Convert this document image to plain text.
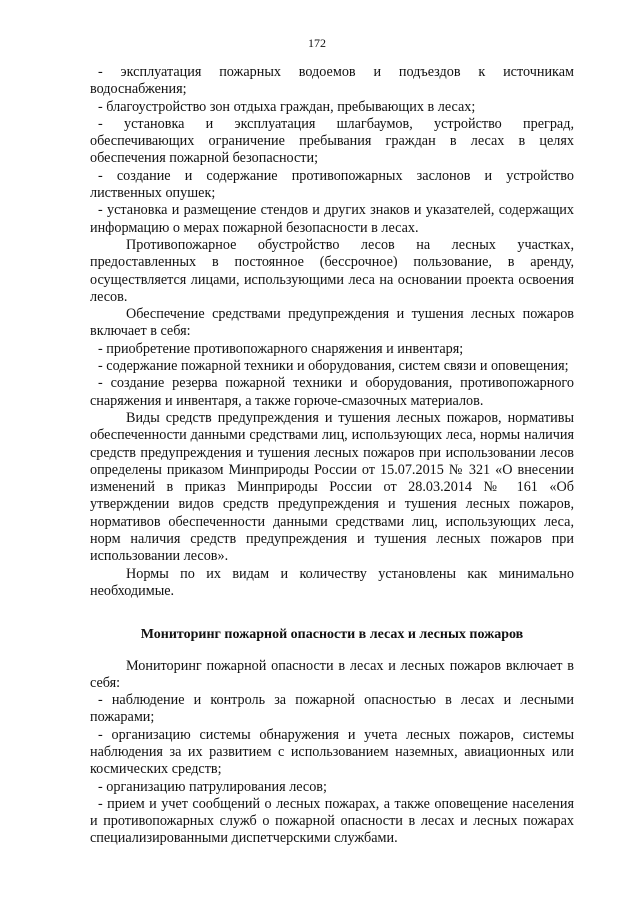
172

- эксплуатация пожарных водоемов и подъездов к источникам водоснабжения;

- благоустройство зон отдыха граждан, пребывающих в лесах;

- установка и эксплуатация шлагбаумов, устройство преград, обеспечивающих ограничение пребывания граждан в лесах в целях обеспечения пожарной безопасности;

- создание и содержание противопожарных заслонов и устройство лиственных опушек;

- установка и размещение стендов и других знаков и указателей, содержащих информацию о мерах пожарной безопасности в лесах.

Противопожарное обустройство лесов на лесных участках, предоставленных в постоянное (бессрочное) пользование, в аренду, осуществляется лицами, использующими леса на основании проекта освоения лесов.

Обеспечение средствами предупреждения и тушения лесных пожаров включает в себя:

- приобретение противопожарного снаряжения и инвентаря;

- содержание пожарной техники и оборудования, систем связи и оповещения;

- создание резерва пожарной техники и оборудования, противопожарного снаряжения и инвентаря, а также горюче-смазочных материалов.

Виды средств предупреждения и тушения лесных пожаров, нормативы обеспеченности данными средствами лиц, использующих леса, нормы наличия средств предупреждения и тушения лесных пожаров при использовании лесов определены приказом Минприроды России от 15.07.2015 № 321 «О внесении изменений в приказ Минприроды России от 28.03.2014 № 161 «Об утверждении видов средств предупреждения и тушения лесных пожаров, нормативов обеспеченности данными средствами лиц, использующих леса, норм наличия средств предупреждения и тушения лесных пожаров при использовании лесов».

Нормы по их видам и количеству установлены как минимально необходимые.

Мониторинг пожарной опасности в лесах и лесных пожаров

Мониторинг пожарной опасности в лесах и лесных пожаров включает в себя:

- наблюдение и контроль за пожарной опасностью в лесах и лесными пожарами;

- организацию системы обнаружения и учета лесных пожаров, системы наблюдения за их развитием с использованием наземных, авиационных или космических средств;

- организацию патрулирования лесов;

- прием и учет сообщений о лесных пожарах, а также оповещение населения и противопожарных служб о пожарной опасности в лесах и лесных пожарах специализированными диспетчерскими службами.
